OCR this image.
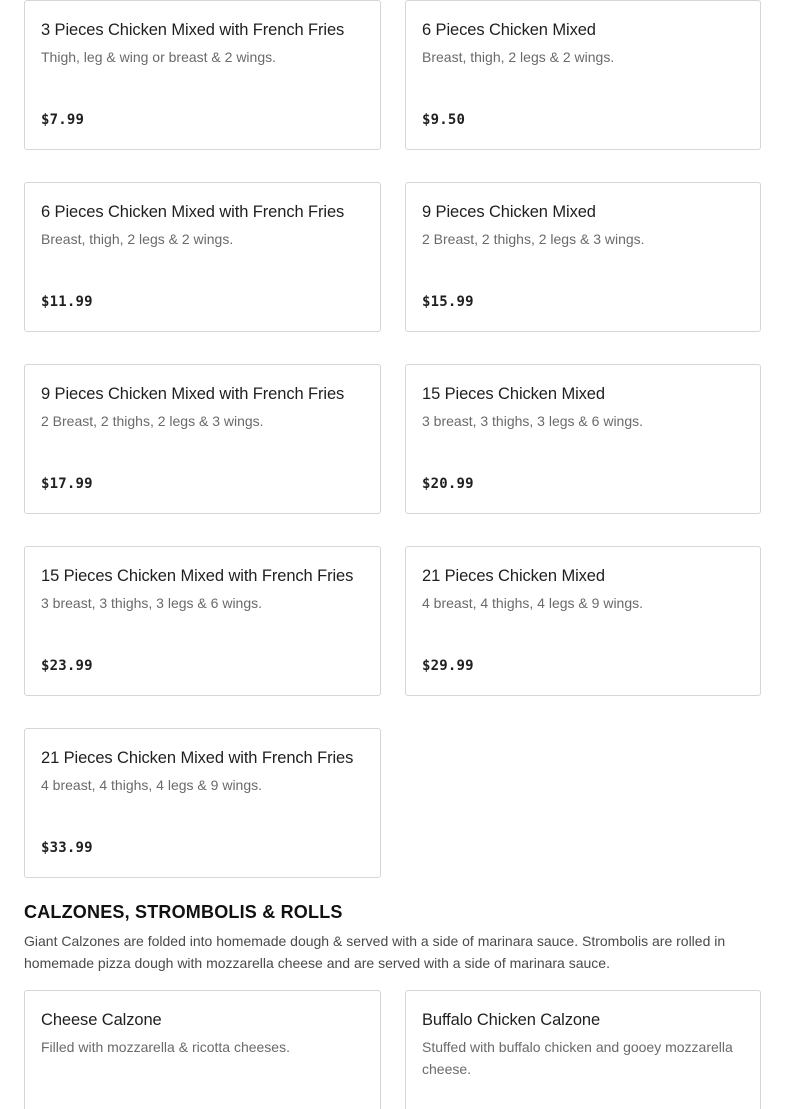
3 Pieces Chicken Mixed with French Fries
Thigh, leg & wing or breast & 2 wings.
$7.99
6 Pieces Chicken Mixed
Breast, thigh, 2 legs & 2 wings.
$9.50
6 Pieces Chicken Mixed with French Fries
Breast, thigh, 2 legs & 2 wings.
$11.99
9 Pieces Chicken Mixed
2 Breast, 2 thighs, 2 legs & 3 wings.
$15.99
9 Pieces Chicken Mixed with French Fries
2 Breast, 2 thighs, 2 legs & 3 wings.
$17.99
15 Pieces Chicken Mixed
3 breast, 3 thighs, 3 legs & 6 wings.
$20.99
15 Pieces Chicken Mixed with French Fries
3 breast, 3 thighs, 3 legs & 6 wings.
$23.99
21 Pieces Chicken Mixed
4 breast, 4 thighs, 4 legs & 9 wings.
$29.99
21 Pieces Chicken Mixed with French Fries
4 breast, 4 thighs, 4 legs & 9 wings.
$33.99
CALZONES, STROMBOLIS & ROLLS

Giant Calzones are folded into homemade dough & served with a side of marinara sauce. Strombolis are rolled in homemade pizza dough with mozzarella cheese and are served with a side of marinara sauce.

Cheese Calzone
Filled with mozzarella & ricotta cheeses.
Buffalo Chicken Calzone
Stuffed with buffalo chicken and gooey mozzarella cheese.
